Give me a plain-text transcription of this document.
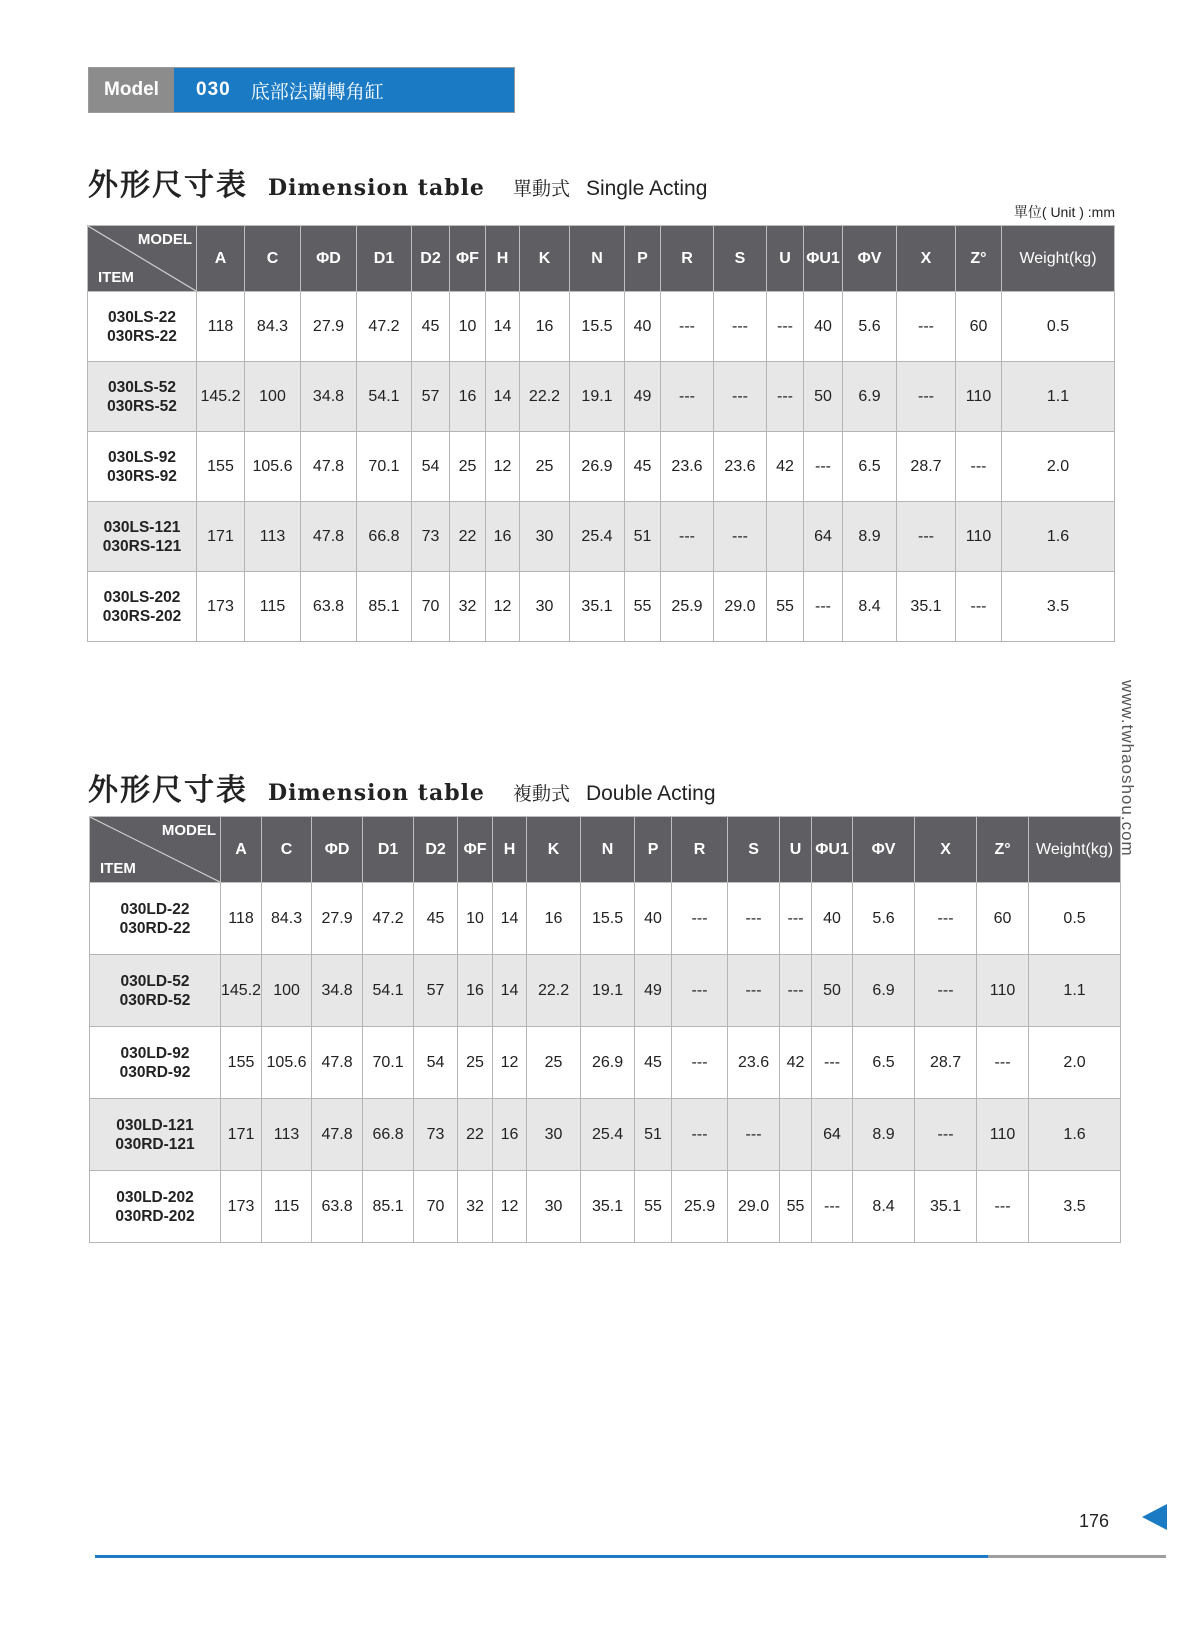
Model	030 底部法蘭轉角缸
外形尺寸表 Dimension table 單動式 Single Acting
單位( Unit ) :mm
MODEL
ITEM	A	C	ΦD	D1	D2	ΦF	H	K	N	P	R	S	U	ΦU1	ΦV	X	Z°	Weight(kg)

030LS-22
030RS-22	118	84.3	27.9	47.2	45	10	14	16	15.5	40	---	---	---	40	5.6	---	60	0.5

030LS-52
030RS-52	145.2	100	34.8	54.1	57	16	14	22.2	19.1	49	---	---	---	50	6.9	---	110	1.1

030LS-92
030RS-92	155	105.6	47.8	70.1	54	25	12	25	26.9	45	23.6	23.6	42	---	6.5	28.7	---	2.0

030LS-121
030RS-121	171	113	47.8	66.8	73	22	16	30	25.4	51	---	---		64	8.9	---	110	1.6

030LS-202
030RS-202	173	115	63.8	85.1	70	32	12	30	35.1	55	25.9	29.0	55	---	8.4	35.1	---	3.5
外形尺寸表 Dimension table 複動式 Double Acting
MODEL
ITEM	A	C	ΦD	D1	D2	ΦF	H	K	N	P	R	S	U	ΦU1	ΦV	X	Z°	Weight(kg)

030LD-22
030RD-22	118	84.3	27.9	47.2	45	10	14	16	15.5	40	---	---	---	40	5.6	---	60	0.5

030LD-52
030RD-52	145.2	100	34.8	54.1	57	16	14	22.2	19.1	49	---	---	---	50	6.9	---	110	1.1

030LD-92
030RD-92	155	105.6	47.8	70.1	54	25	12	25	26.9	45	---	23.6	42	---	6.5	28.7	---	2.0

030LD-121
030RD-121	171	113	47.8	66.8	73	22	16	30	25.4	51	---	---		64	8.9	---	110	1.6

030LD-202
030RD-202	173	115	63.8	85.1	70	32	12	30	35.1	55	25.9	29.0	55	---	8.4	35.1	---	3.5
www.twhaoshou.com
176
